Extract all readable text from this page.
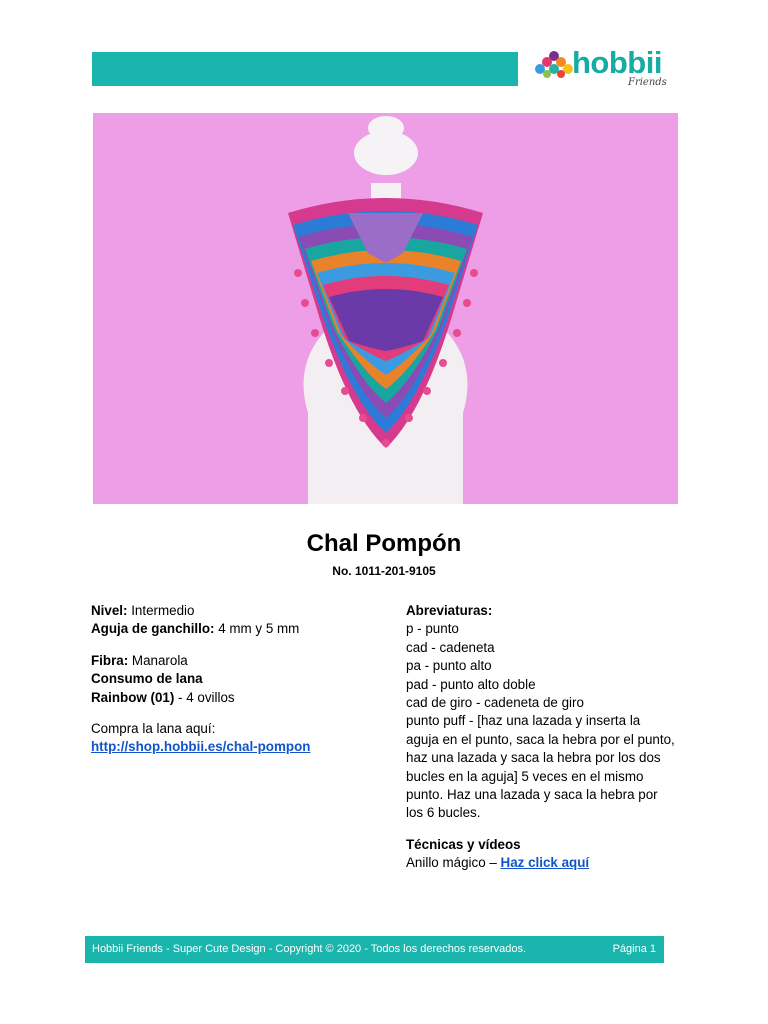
hobbii
Friends
Chal Pompón
No. 1011-201-9105
Nivel: Intermedio
Aguja de ganchillo: 4 mm y 5 mm
Fibra: Manarola
Consumo de lana
Rainbow (01) - 4 ovillos
Compra la lana aquí:
http://shop.hobbii.es/chal-pompon
Abreviaturas:
p - punto
cad - cadeneta
pa - punto alto
pad - punto alto doble
cad de giro - cadeneta de giro
punto puff - [haz una lazada y inserta la aguja en el punto, saca la hebra por el punto, haz una lazada y saca la hebra por los dos bucles en la aguja] 5 veces en el mismo punto. Haz una lazada y saca la hebra por los 6 bucles.
Técnicas y vídeos
Anillo mágico – Haz click aquí
Hobbii Friends - Super Cute Design - Copyright © 2020 - Todos los derechos reservados.	Página 1
